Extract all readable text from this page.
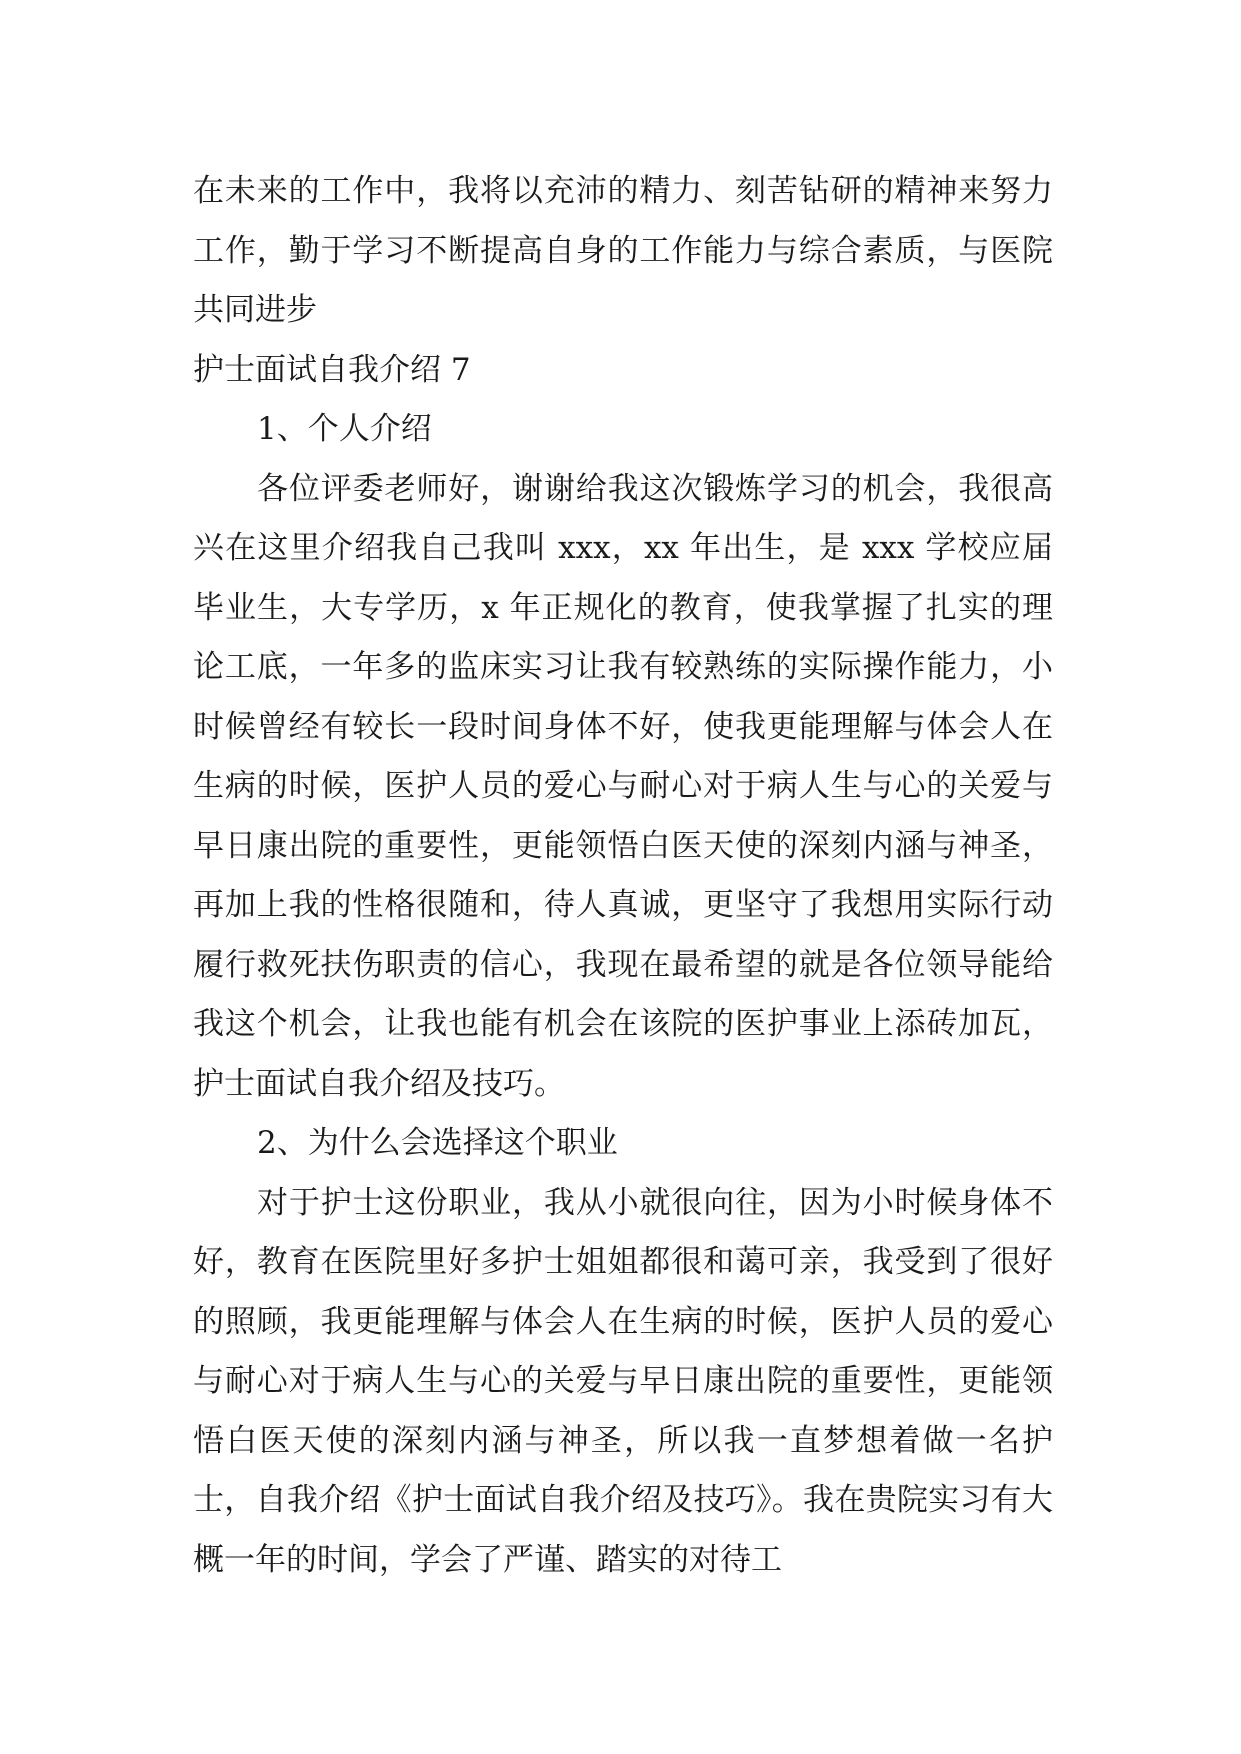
在未来的工作中，我将以充沛的精力、刻苦钻研的精神来努力工作，勤于学习不断提高自身的工作能力与综合素质，与医院共同进步

护士面试自我介绍 7

1、个人介绍

各位评委老师好，谢谢给我这次锻炼学习的机会，我很高兴在这里介绍我自己我叫 xxx，xx 年出生，是 xxx 学校应届毕业生，大专学历，x 年正规化的教育，使我掌握了扎实的理论工底，一年多的监床实习让我有较熟练的实际操作能力，小时候曾经有较长一段时间身体不好，使我更能理解与体会人在生病的时候，医护人员的爱心与耐心对于病人生与心的关爱与早日康出院的重要性，更能领悟白医天使的深刻内涵与神圣，再加上我的性格很随和，待人真诚，更坚守了我想用实际行动履行救死扶伤职责的信心，我现在最希望的就是各位领导能给我这个机会，让我也能有机会在该院的医护事业上添砖加瓦，护士面试自我介绍及技巧。

2、为什么会选择这个职业

对于护士这份职业，我从小就很向往，因为小时候身体不好，教育在医院里好多护士姐姐都很和蔼可亲，我受到了很好的照顾，我更能理解与体会人在生病的时候，医护人员的爱心与耐心对于病人生与心的关爱与早日康出院的重要性，更能领悟白医天使的深刻内涵与神圣，所以我一直梦想着做一名护士，自我介绍《护士面试自我介绍及技巧》。我在贵院实习有大概一年的时间，学会了严谨、踏实的对待工
